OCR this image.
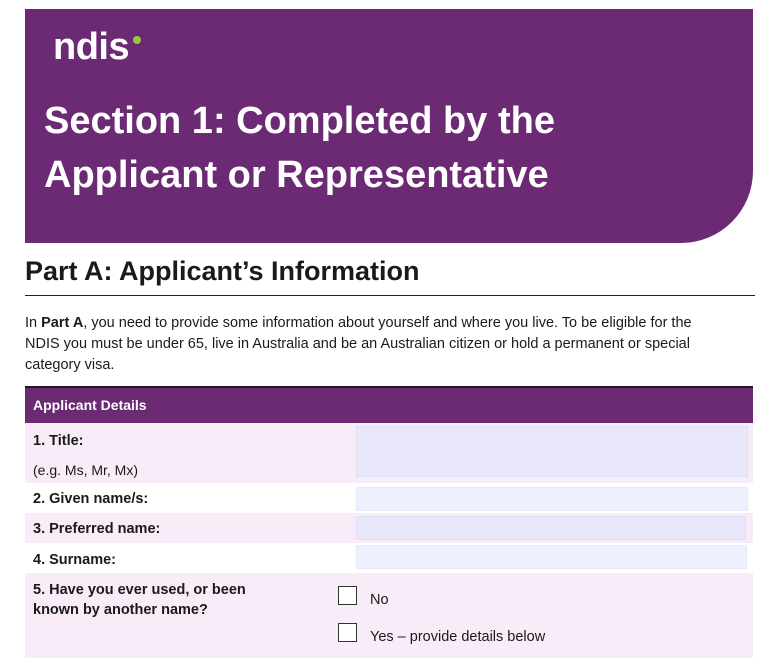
ndis
Section 1: Completed by the Applicant or Representative
Part A: Applicant’s Information

In Part A, you need to provide some information about yourself and where you live. To be eligible for the NDIS you must be under 65, live in Australia and be an Australian citizen or hold a permanent or special category visa.

Applicant Details
1. Title:
(e.g. Ms, Mr, Mx)
2. Given name/s:
3. Preferred name:
4. Surname:
5. Have you ever used, or been known by another name?
No
Yes – provide details below
